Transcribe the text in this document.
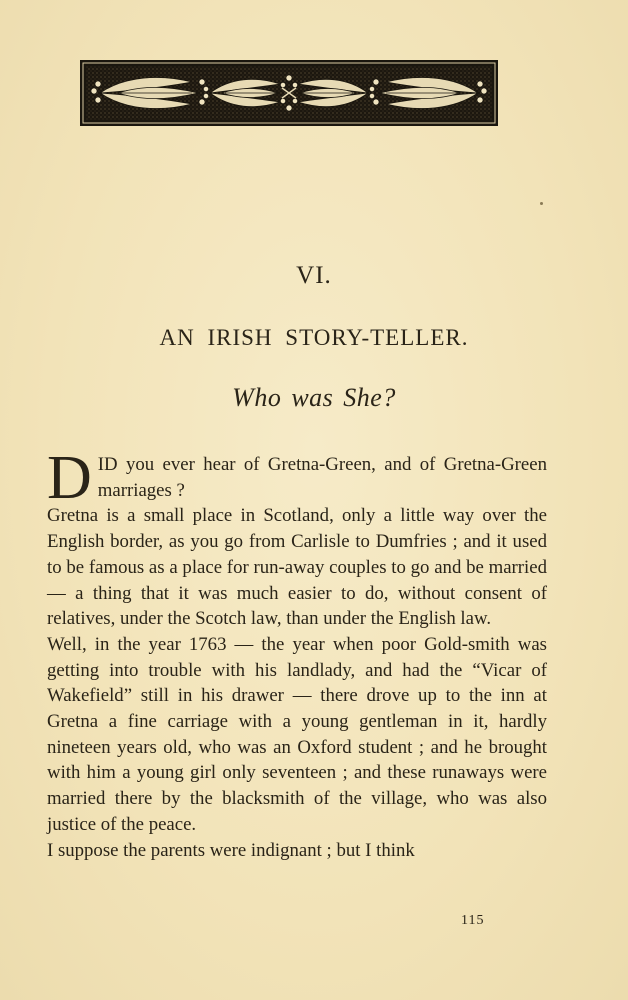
VI.
AN IRISH STORY-TELLER.
Who was She?

DID you ever hear of Gretna-Green, and of Gretna-Green marriages ?

Gretna is a small place in Scotland, only a little way over the English border, as you go from Carlisle to Dumfries ; and it used to be famous as a place for run-away couples to go and be married — a thing that it was much easier to do, without consent of relatives, under the Scotch law, than under the English law.

Well, in the year 1763 — the year when poor Gold-smith was getting into trouble with his landlady, and had the “Vicar of Wakefield” still in his drawer — there drove up to the inn at Gretna a fine carriage with a young gentleman in it, hardly nineteen years old, who was an Oxford student ; and he brought with him a young girl only seventeen ; and these runaways were married there by the blacksmith of the village, who was also justice of the peace.

I suppose the parents were indignant ; but I think

115
